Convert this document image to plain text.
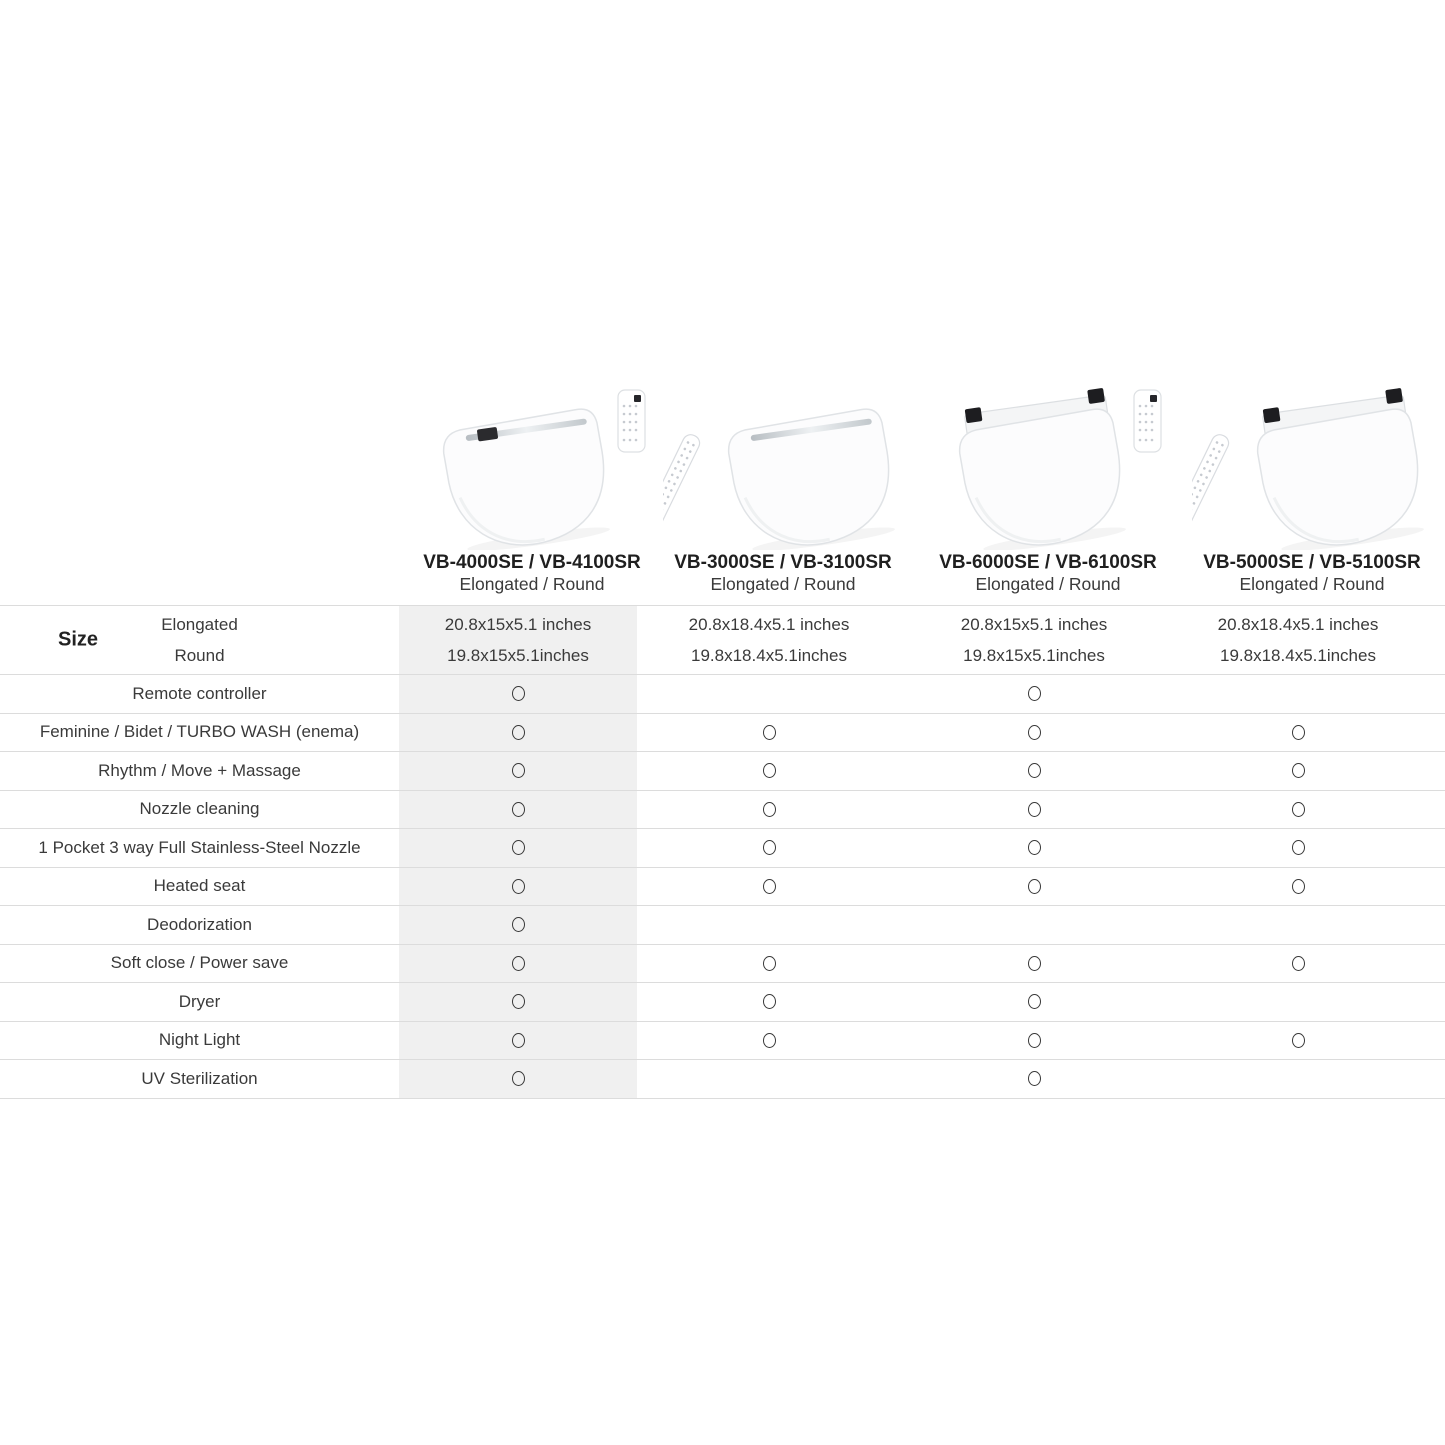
VB-4000SE / VB-4100SR
Elongated / Round
VB-3000SE / VB-3100SR
Elongated / Round
VB-6000SE / VB-6100SR
Elongated / Round
VB-5000SE / VB-5100SR
Elongated / Round
Size
Elongated
Round
20.8x15x5.1 inches
19.8x15x5.1inches
20.8x18.4x5.1 inches
19.8x18.4x5.1inches
20.8x15x5.1 inches
19.8x15x5.1inches
20.8x18.4x5.1 inches
19.8x18.4x5.1inches
Remote controller
Feminine / Bidet / TURBO WASH (enema)
Rhythm / Move + Massage
Nozzle cleaning
1 Pocket 3 way Full Stainless-Steel Nozzle
Heated seat
Deodorization
Soft close / Power save
Dryer
Night Light
UV Sterilization
